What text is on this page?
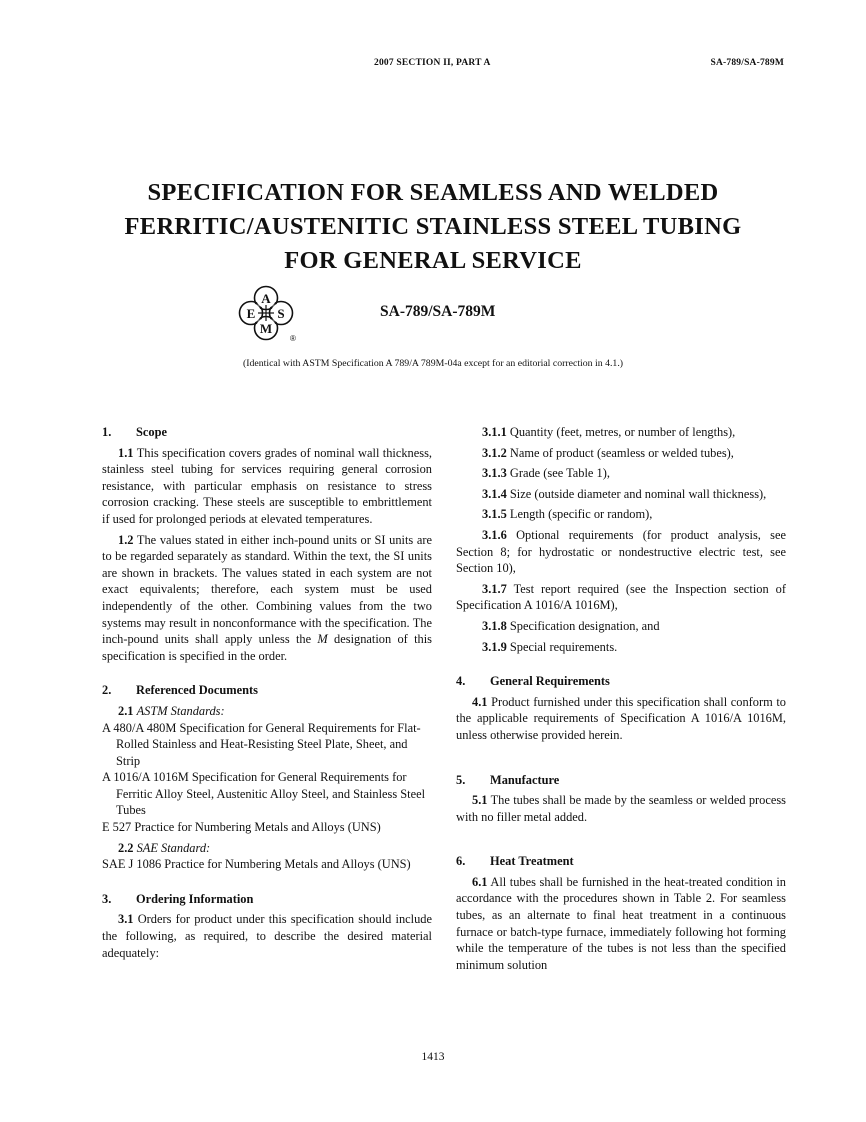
2007 SECTION II, PART A	SA-789/SA-789M
SPECIFICATION FOR SEAMLESS AND WELDED
FERRITIC/AUSTENITIC STAINLESS STEEL TUBING
FOR GENERAL SERVICE
A
S
M
E
®
SA-789/SA-789M
(Identical with ASTM Specification A 789/A 789M-04a except for an editorial correction in 4.1.)

1. Scope

1.1 This specification covers grades of nominal wall thickness, stainless steel tubing for services requiring general corrosion resistance, with particular emphasis on resistance to stress corrosion cracking. These steels are susceptible to embrittlement if used for prolonged periods at elevated temperatures.

1.2 The values stated in either inch-pound units or SI units are to be regarded separately as standard. Within the text, the SI units are shown in brackets. The values stated in each system are not exact equivalents; therefore, each system must be used independently of the other. Combining values from the two systems may result in nonconformance with the specification. The inch-pound units shall apply unless the M designation of this specification is specified in the order.

2. Referenced Documents

2.1 ASTM Standards:

A 480/A 480M Specification for General Requirements for Flat-Rolled Stainless and Heat-Resisting Steel Plate, Sheet, and Strip

A 1016/A 1016M Specification for General Requirements for Ferritic Alloy Steel, Austenitic Alloy Steel, and Stainless Steel Tubes

E 527 Practice for Numbering Metals and Alloys (UNS)

2.2 SAE Standard:

SAE J 1086 Practice for Numbering Metals and Alloys (UNS)

3. Ordering Information

3.1 Orders for product under this specification should include the following, as required, to describe the desired material adequately:

3.1.1 Quantity (feet, metres, or number of lengths),

3.1.2 Name of product (seamless or welded tubes),

3.1.3 Grade (see Table 1),

3.1.4 Size (outside diameter and nominal wall thickness),

3.1.5 Length (specific or random),

3.1.6 Optional requirements (for product analysis, see Section 8; for hydrostatic or nondestructive electric test, see Section 10),

3.1.7 Test report required (see the Inspection section of Specification A 1016/A 1016M),

3.1.8 Specification designation, and

3.1.9 Special requirements.

4. General Requirements

4.1 Product furnished under this specification shall conform to the applicable requirements of Specification A 1016/A 1016M, unless otherwise provided herein.

5. Manufacture

5.1 The tubes shall be made by the seamless or welded process with no filler metal added.

6. Heat Treatment

6.1 All tubes shall be furnished in the heat-treated condition in accordance with the procedures shown in Table 2. For seamless tubes, as an alternate to final heat treatment in a continuous furnace or batch-type furnace, immediately following hot forming while the temperature of the tubes is not less than the specified minimum solution

1413
